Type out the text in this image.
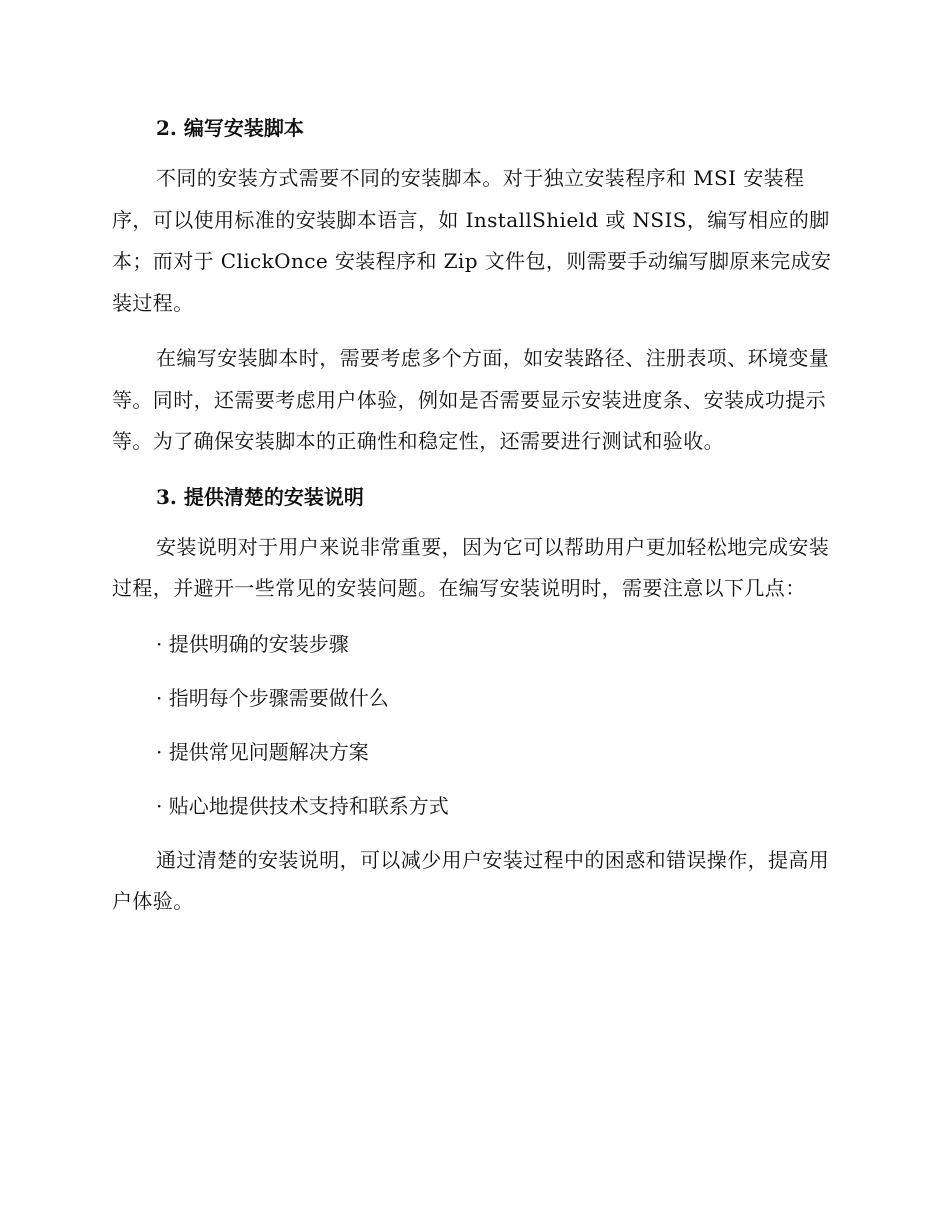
2. 编写安装脚本

不同的安装方式需要不同的安装脚本。对于独立安装程序和 MSI 安装程序，可以使用标准的安装脚本语言，如 InstallShield 或 NSIS，编写相应的脚本；而对于 ClickOnce 安装程序和 Zip 文件包，则需要手动编写脚原来完成安装过程。

在编写安装脚本时，需要考虑多个方面，如安装路径、注册表项、环境变量等。同时，还需要考虑用户体验，例如是否需要显示安装进度条、安装成功提示等。为了确保安装脚本的正确性和稳定性，还需要进行测试和验收。

3. 提供清楚的安装说明

安装说明对于用户来说非常重要，因为它可以帮助用户更加轻松地完成安装过程，并避开一些常见的安装问题。在编写安装说明时，需要注意以下几点：

· 提供明确的安装步骤
· 指明每个步骤需要做什么
· 提供常见问题解决方案
· 贴心地提供技术支持和联系方式

通过清楚的安装说明，可以减少用户安装过程中的困惑和错误操作，提高用户体验。
